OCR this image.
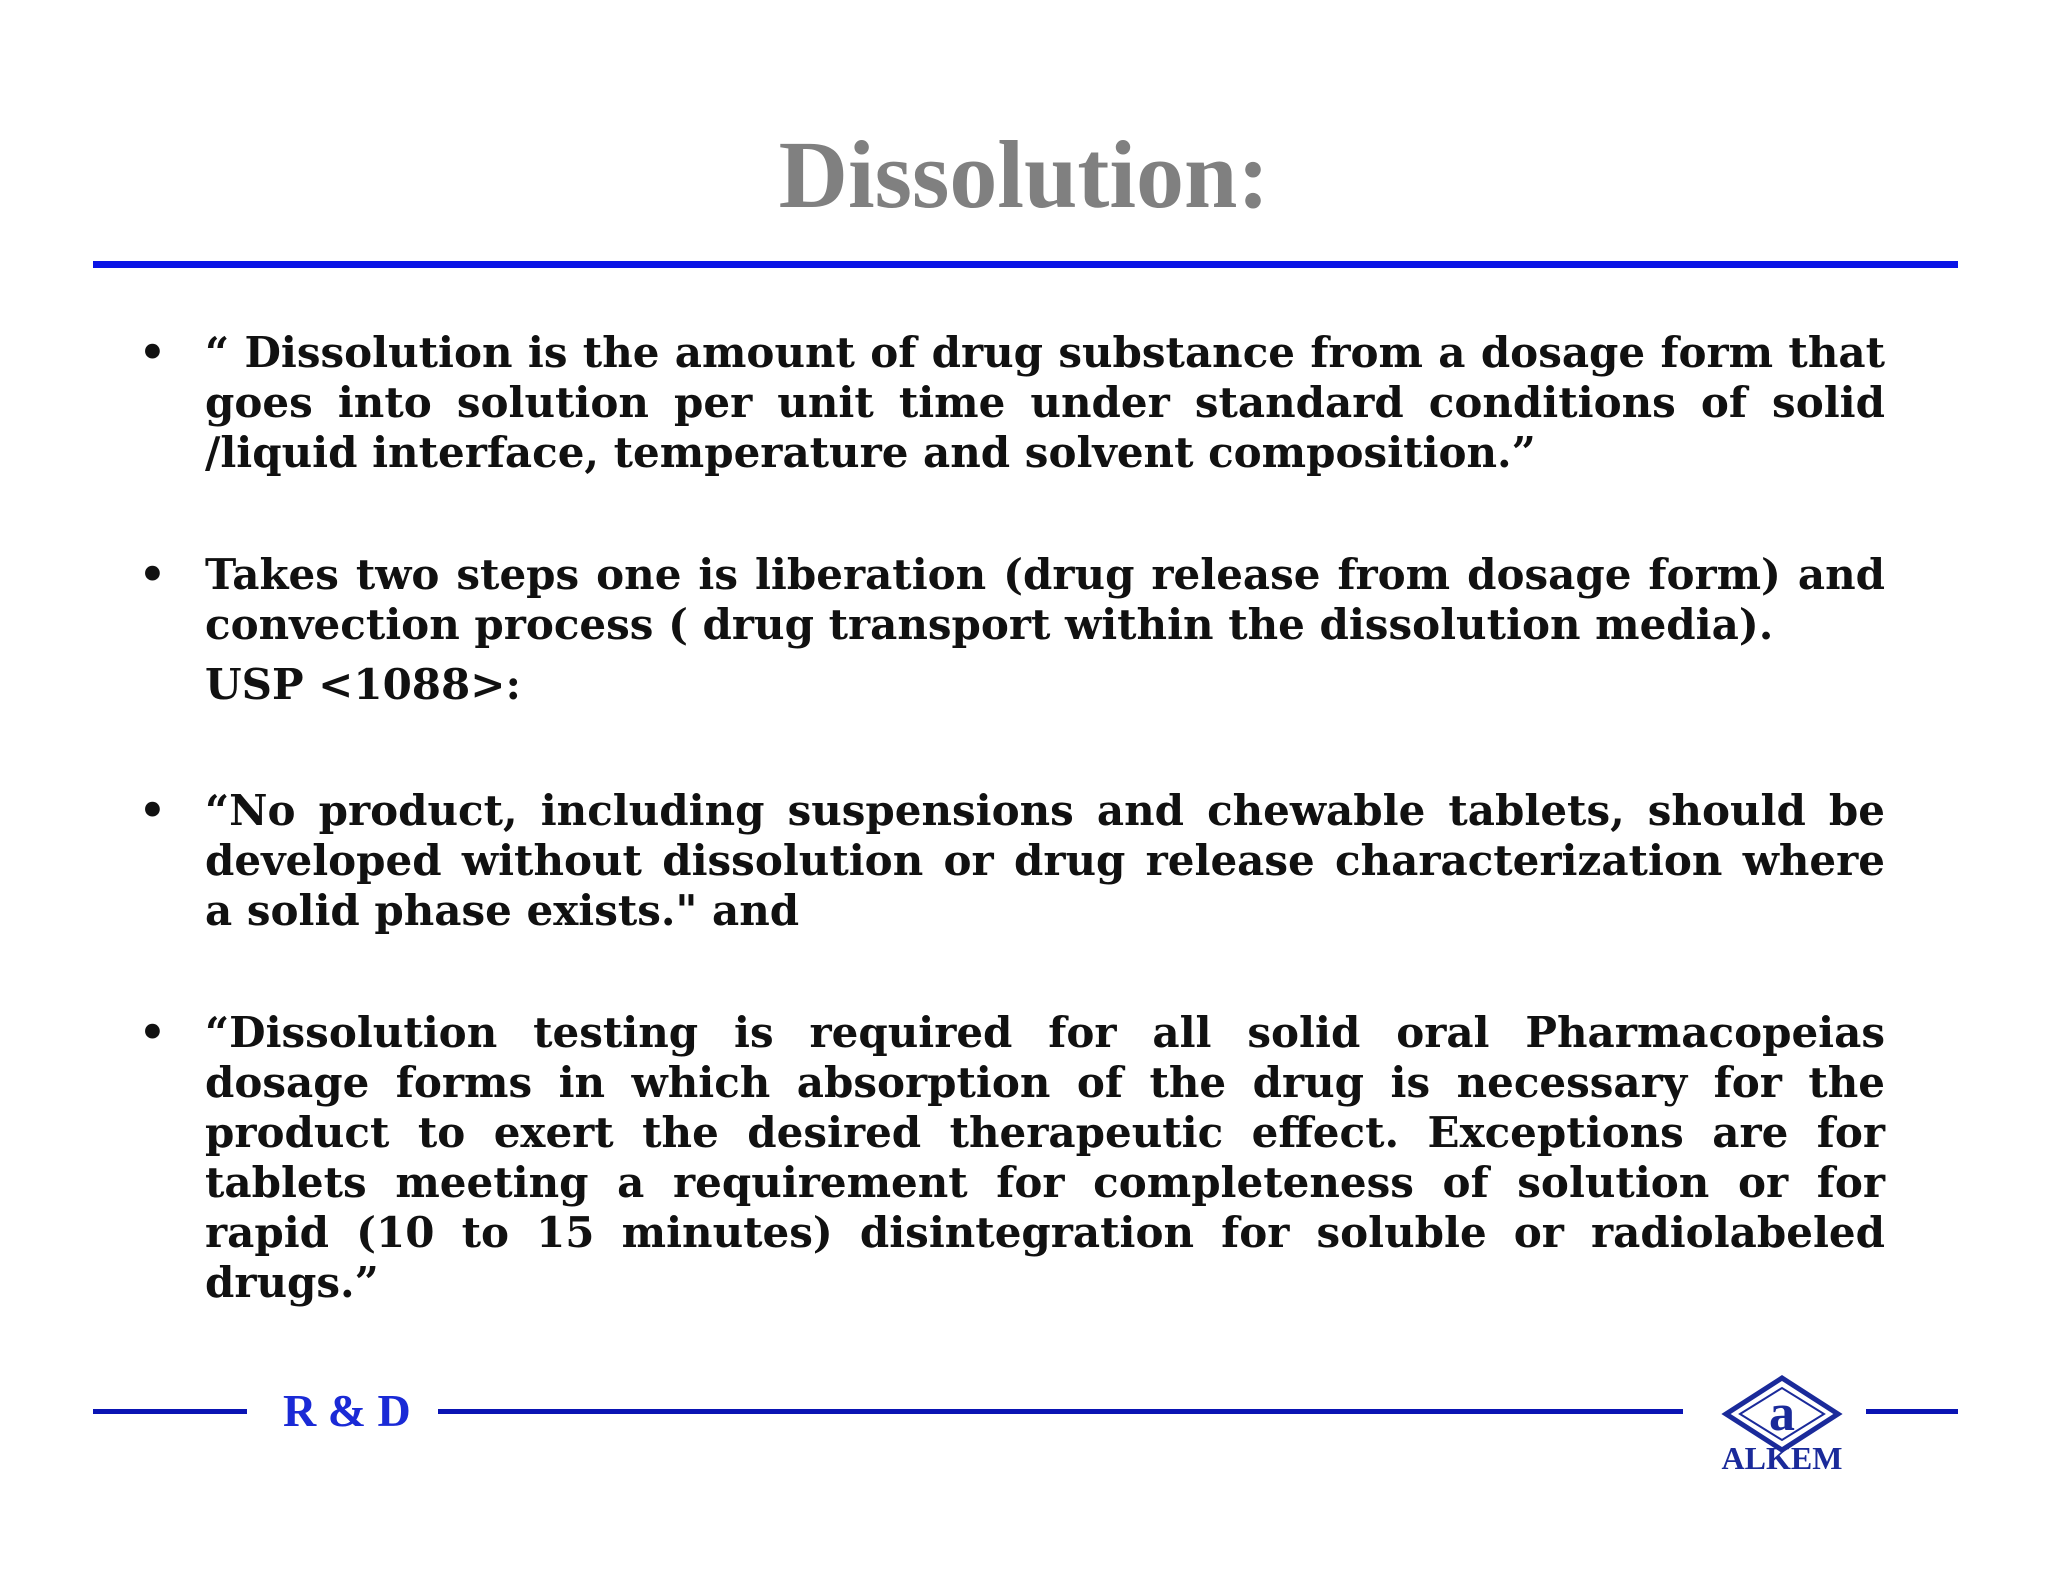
Dissolution:

• “ Dissolution is the amount of drug substance from a dosage form that goes into solution per unit time under standard conditions of solid /liquid interface, temperature and solvent composition.”

• Takes two steps one is liberation (drug release from dosage form) and convection process ( drug transport within the dissolution media).

USP <1088>:

• “No product, including suspensions and chewable tablets, should be developed without dissolution or drug release characterization where a solid phase exists." and

• “Dissolution testing is required for all solid oral Pharmacopeias dosage forms in which absorption of the drug is necessary for the product to exert the desired therapeutic effect. Exceptions are for tablets meeting a requirement for completeness of solution or for rapid (10 to 15 minutes) disintegration for soluble or radiolabeled drugs.”

R & D	a
ALKEM
